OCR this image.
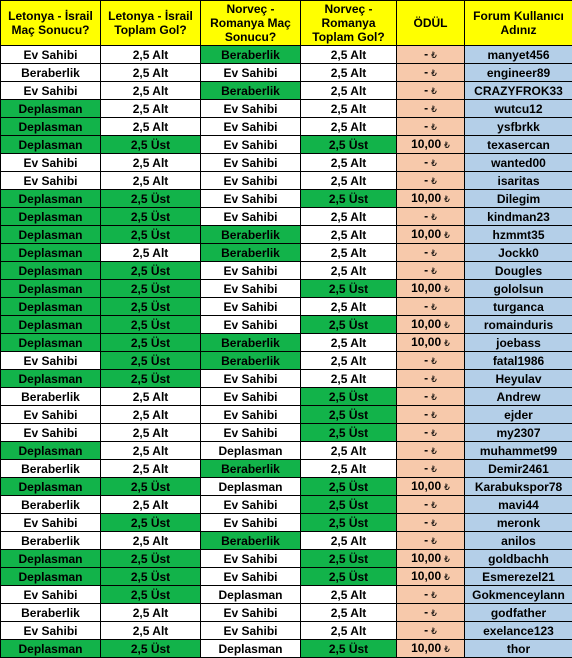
Letonya - İsrail Maç Sonucu?	Letonya - İsrail Toplam Gol?	Norveç - Romanya Maç Sonucu?	Norveç - Romanya Toplam Gol?	ÖDÜL	Forum Kullanıcı Adınız
Ev Sahibi	2,5 Alt	Beraberlik	2,5 Alt	- ₺	manyet456
Beraberlik	2,5 Alt	Ev Sahibi	2,5 Alt	- ₺	engineer89
Ev Sahibi	2,5 Alt	Beraberlik	2,5 Alt	- ₺	CRAZYFROK33
Deplasman	2,5 Alt	Ev Sahibi	2,5 Alt	- ₺	wutcu12
Deplasman	2,5 Alt	Ev Sahibi	2,5 Alt	- ₺	ysfbrkk
Deplasman	2,5 Üst	Ev Sahibi	2,5 Üst	10,00 ₺	texasercan
Ev Sahibi	2,5 Alt	Ev Sahibi	2,5 Alt	- ₺	wanted00
Ev Sahibi	2,5 Alt	Ev Sahibi	2,5 Alt	- ₺	isaritas
Deplasman	2,5 Üst	Ev Sahibi	2,5 Üst	10,00 ₺	Dilegim
Deplasman	2,5 Üst	Ev Sahibi	2,5 Alt	- ₺	kindman23
Deplasman	2,5 Üst	Beraberlik	2,5 Alt	10,00 ₺	hzmmt35
Deplasman	2,5 Alt	Beraberlik	2,5 Alt	- ₺	Jockk0
Deplasman	2,5 Üst	Ev Sahibi	2,5 Alt	- ₺	Dougles
Deplasman	2,5 Üst	Ev Sahibi	2,5 Üst	10,00 ₺	gololsun
Deplasman	2,5 Üst	Ev Sahibi	2,5 Alt	- ₺	turganca
Deplasman	2,5 Üst	Ev Sahibi	2,5 Üst	10,00 ₺	romainduris
Deplasman	2,5 Üst	Beraberlik	2,5 Alt	10,00 ₺	joebass
Ev Sahibi	2,5 Üst	Beraberlik	2,5 Alt	- ₺	fatal1986
Deplasman	2,5 Üst	Ev Sahibi	2,5 Alt	- ₺	Heyulav
Beraberlik	2,5 Alt	Ev Sahibi	2,5 Üst	- ₺	Andrew
Ev Sahibi	2,5 Alt	Ev Sahibi	2,5 Üst	- ₺	ejder
Ev Sahibi	2,5 Alt	Ev Sahibi	2,5 Üst	- ₺	my2307
Deplasman	2,5 Alt	Deplasman	2,5 Alt	- ₺	muhammet99
Beraberlik	2,5 Alt	Beraberlik	2,5 Alt	- ₺	Demir2461
Deplasman	2,5 Üst	Deplasman	2,5 Üst	10,00 ₺	Karabukspor78
Beraberlik	2,5 Alt	Ev Sahibi	2,5 Üst	- ₺	mavi44
Ev Sahibi	2,5 Üst	Ev Sahibi	2,5 Üst	- ₺	meronk
Beraberlik	2,5 Alt	Beraberlik	2,5 Alt	- ₺	anilos
Deplasman	2,5 Üst	Ev Sahibi	2,5 Üst	10,00 ₺	goldbachh
Deplasman	2,5 Üst	Ev Sahibi	2,5 Üst	10,00 ₺	Esmerezel21
Ev Sahibi	2,5 Üst	Deplasman	2,5 Alt	- ₺	Gokmenceylann
Beraberlik	2,5 Alt	Ev Sahibi	2,5 Alt	- ₺	godfather
Ev Sahibi	2,5 Alt	Ev Sahibi	2,5 Alt	- ₺	exelance123
Deplasman	2,5 Üst	Deplasman	2,5 Üst	10,00 ₺	thor
